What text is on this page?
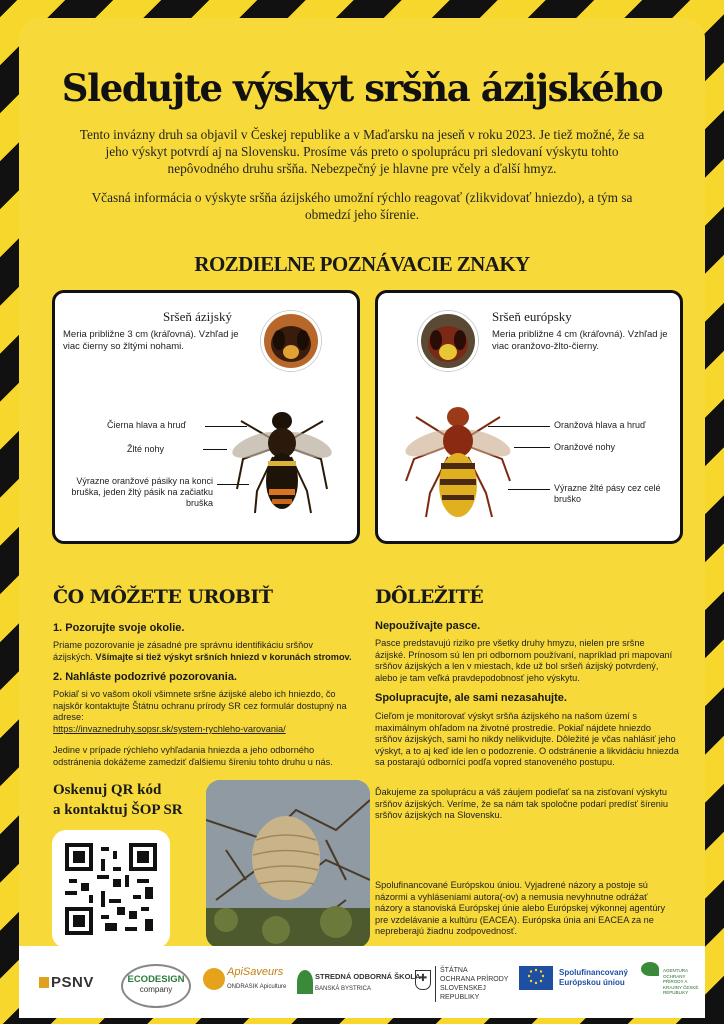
Sledujte výskyt sršňa ázijského
Tento invázny druh sa objavil v Českej republike a v Maďarsku na jeseň v roku 2023. Je tiež možné, že sa jeho výskyt potvrdí aj na Slovensku. Prosíme vás preto o spoluprácu pri sledovaní výskytu tohto nepôvodného druhu sršňa. Nebezpečný je hlavne pre včely a ďalší hmyz.
Včasná informácia o výskyte sršňa ázijského umožní rýchlo reagovať (zlikvidovať hniezdo), a tým sa obmedzí jeho šírenie.
ROZDIELNE POZNÁVACIE ZNAKY
Sršeň ázijský
Meria približne 3 cm (kráľovná). Vzhľad je viac čierny so žltými nohami.
Čierna hlava a hruď
Žlté nohy
Výrazne oranžové pásiky na konci bruška, jeden žltý pásik na začiatku bruška
Sršeň európsky
Meria približne 4 cm (kráľovná). Vzhľad je viac oranžovo-žlto-čierny.
Oranžová hlava a hruď
Oranžové nohy
Výrazne žlté pásy cez celé bruško
ČO MÔŽETE UROBIŤ
1. Pozorujte svoje okolie.
Priame pozorovanie je zásadné pre správnu identifikáciu sršňov ázijských. Všímajte si tiež výskyt sršních hniezd v korunách stromov.
2. Nahláste podozrivé pozorovania.
Pokiaľ si vo vašom okolí všimnete sršne ázijské alebo ich hniezdo, čo najskôr kontaktujte Štátnu ochranu prírody SR cez formulár dostupný na adrese:
https://invaznedruhy.sopsr.sk/system-rychleho-varovania/
Jedine v prípade rýchleho vyhľadania hniezda a jeho odborného odstránenia dokážeme zamedziť ďalšiemu šíreniu tohto druhu u nás.
Oskenuj QR kód
a kontaktuj ŠOP SR
DÔLEŽITÉ
Nepoužívajte pasce.
Pasce predstavujú riziko pre všetky druhy hmyzu, nielen pre sršne ázijské. Prínosom sú len pri odbornom používaní, napríklad pri mapovaní sršňov ázijských a len v miestach, kde už bol sršeň ázijský potvrdený, alebo je tam veľká pravdepodobnosť jeho výskytu.
Spolupracujte, ale sami nezasahujte.
Cieľom je monitorovať výskyt sršňa ázijského na našom území s maximálnym ohľadom na životné prostredie. Pokiaľ nájdete hniezdo sršňov ázijských, sami ho nikdy nelikvidujte. Dôležité je včas nahlásiť jeho výskyt, a to aj keď ide len o podozrenie. O odstránenie a likvidáciu hniezda sa postarajú odborníci podľa vopred stanoveného postupu.
Ďakujeme za spoluprácu a váš záujem podieľať sa na zisťovaní výskytu sršňov ázijských. Veríme, že sa nám tak spoločne podarí predísť šíreniu sršňov ázijských na Slovensku.
Spolufinancované Európskou úniou. Vyjadrené názory a postoje sú názormi a vyhláseniami autora(-ov) a nemusia nevyhnutne odrážať názory a stanoviská Európskej únie alebo Európskej výkonnej agentúry pre vzdelávanie a kultúru (EACEA). Európska únia ani EACEA za ne nepreberajú žiadnu zodpovednosť.
PSNV	ECODESIGN
company
ApiSaveurs
ONDRASIK Apiculture
STREDNÁ ODBORNÁ ŠKOLA
BANSKÁ BYSTRICA
✚
ŠTÁTNA
OCHRANA PRÍRODY
SLOVENSKEJ REPUBLIKY
Spolufinancovaný
Európskou úniou
AGENTURA OCHRANY PŘÍRODY A KRAJINY ČESKÉ REPUBLIKY
